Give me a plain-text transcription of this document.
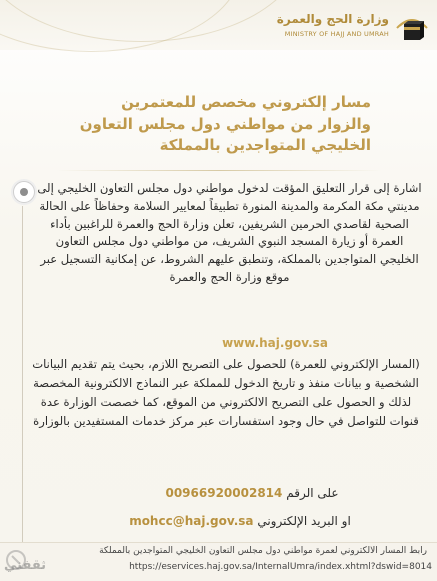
وزارة الحج والعمرة
MINISTRY OF HAJJ AND UMRAH
مسار إلكتروني مخصص للمعتمرين والزوار من مواطني دول مجلس التعاون الخليجي المتواجدين بالمملكة
اشارة إلى قرار التعليق المؤقت لدخول مواطني دول مجلس التعاون الخليجي إلى مدينتي مكة المكرمة والمدينة المنورة تطبيقاً لمعايير السلامة وحفاظاً على الحالة الصحية لقاصدي الحرمين الشريفين، تعلن وزارة الحج والعمرة للراغبين بأداء العمرة أو زيارة المسجد النبوي الشريف، من مواطني دول مجلس التعاون الخليجي المتواجدين بالمملكة، وتنطبق عليهم الشروط، عن إمكانية التسجيل عبر موقع وزارة الحج والعمرة
www.haj.gov.sa
(المسار الإلكتروني للعمرة) للحصول على التصريح اللازم، بحيث يتم تقديم البيانات الشخصية و بيانات منفذ و تاريخ الدخول للمملكة عبر النماذج الالكترونية المخصصة لذلك و الحصول على التصريح الالكتروني من الموقع، كما خصصت الوزارة عدة قنوات للتواصل في حال وجود استفسارات عبر مركز خدمات المستفيدين بالوزارة
على الرقم 00966920002814
او البريد الإلكتروني mohcc@haj.gov.sa
رابط المسار الالكتروني لعمرة مواطني دول مجلس التعاون الخليجي المتواجدين بالمملكة
https://eservices.haj.gov.sa/InternalUmra/index.xhtml?dswid=8014
ثقفني
